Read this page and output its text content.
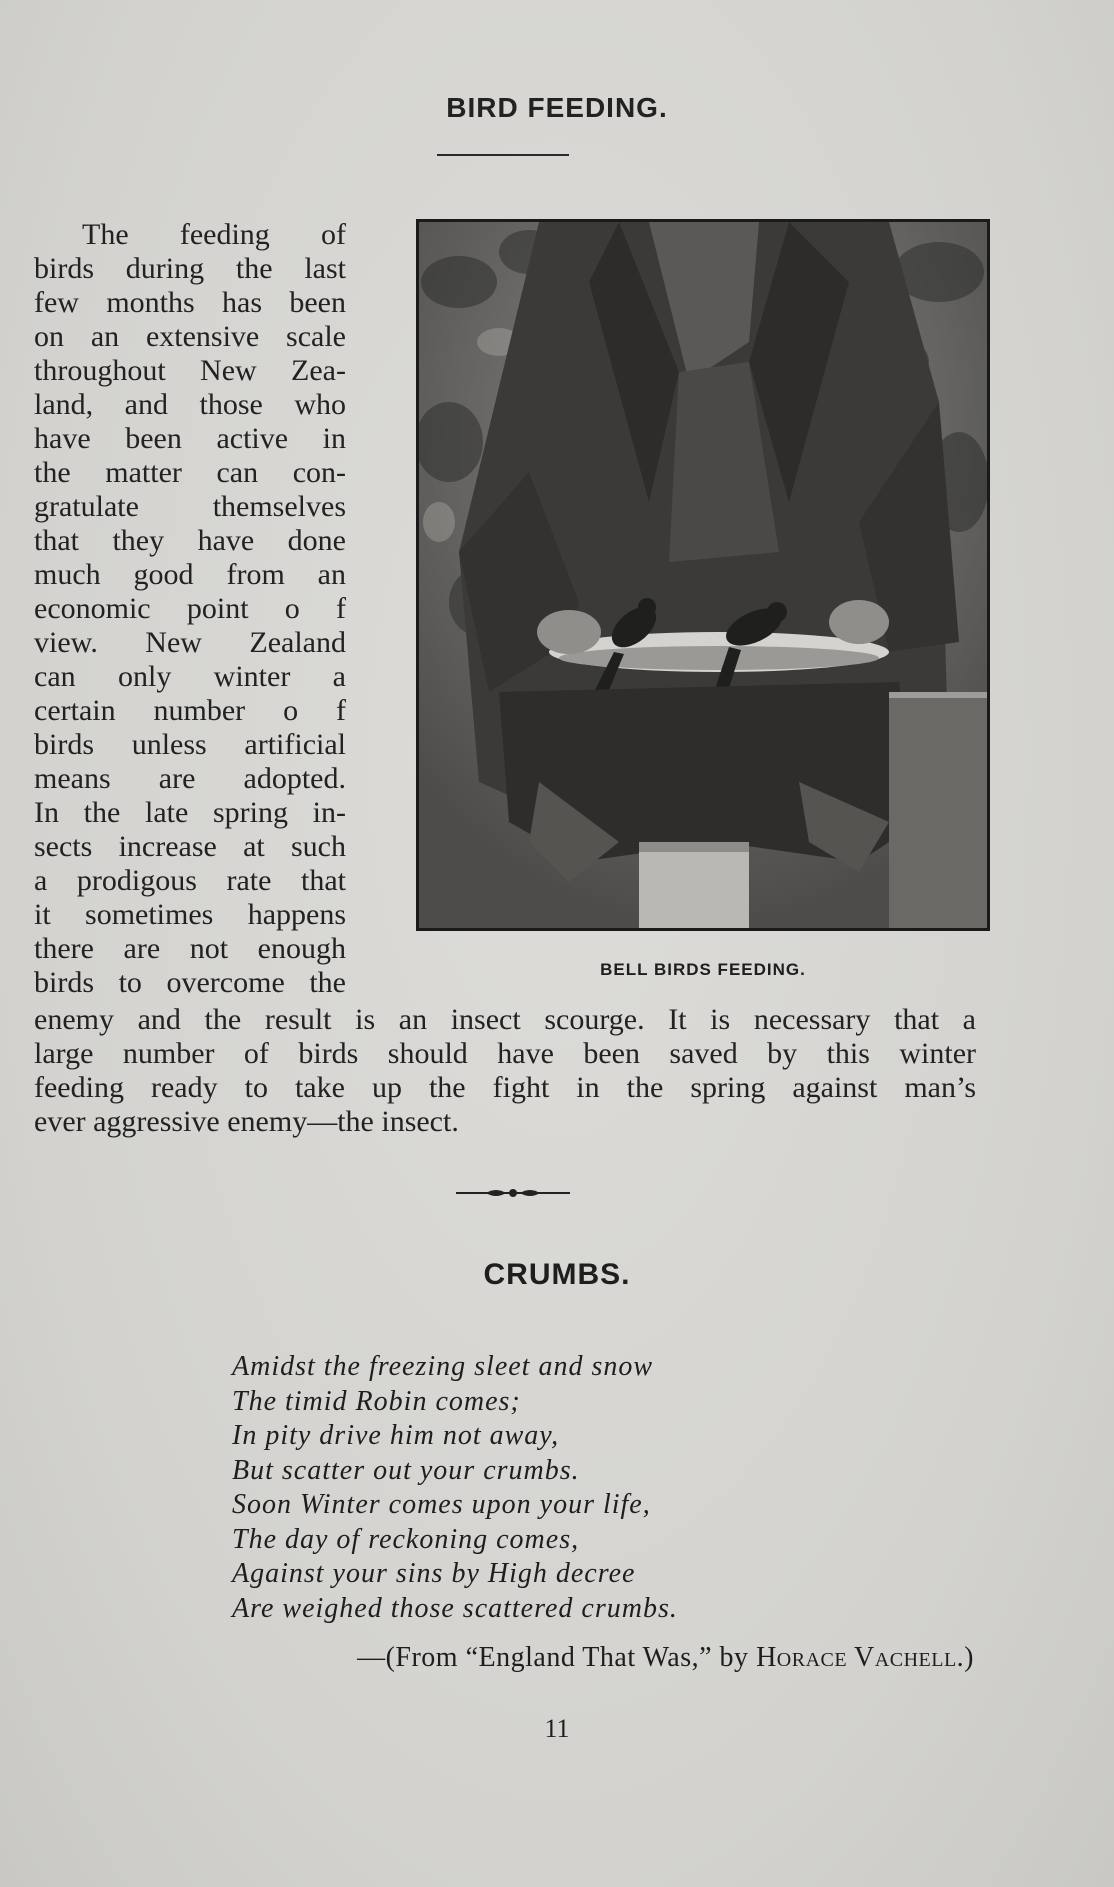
BIRD FEEDING.
The feeding of
birds during the last
few months has been
on an extensive scale
throughout New Zea-
land, and those who
have been active in
the matter can con-
gratulate themselves
that they have done
much good from an
economic point o f
view. New Zealand
can only winter a
certain number o f
birds unless artificial
means are adopted.
In the late spring in-
sects increase at such
a prodigous rate that
it sometimes happens
there are not enough
birds to overcome the	BELL BIRDS FEEDING.
enemy and the result is an insect scourge. It is necessary that a
large number of birds should have been saved by this winter
feeding ready to take up the fight in the spring against man’s
ever aggressive enemy—the insect.
CRUMBS.
Amidst the freezing sleet and snow
The timid Robin comes;
In pity drive him not away,
But scatter out your crumbs.
Soon Winter comes upon your life,
The day of reckoning comes,
Against your sins by High decree
Are weighed those scattered crumbs.
—(From “England That Was,” by Horace Vachell.)
11
